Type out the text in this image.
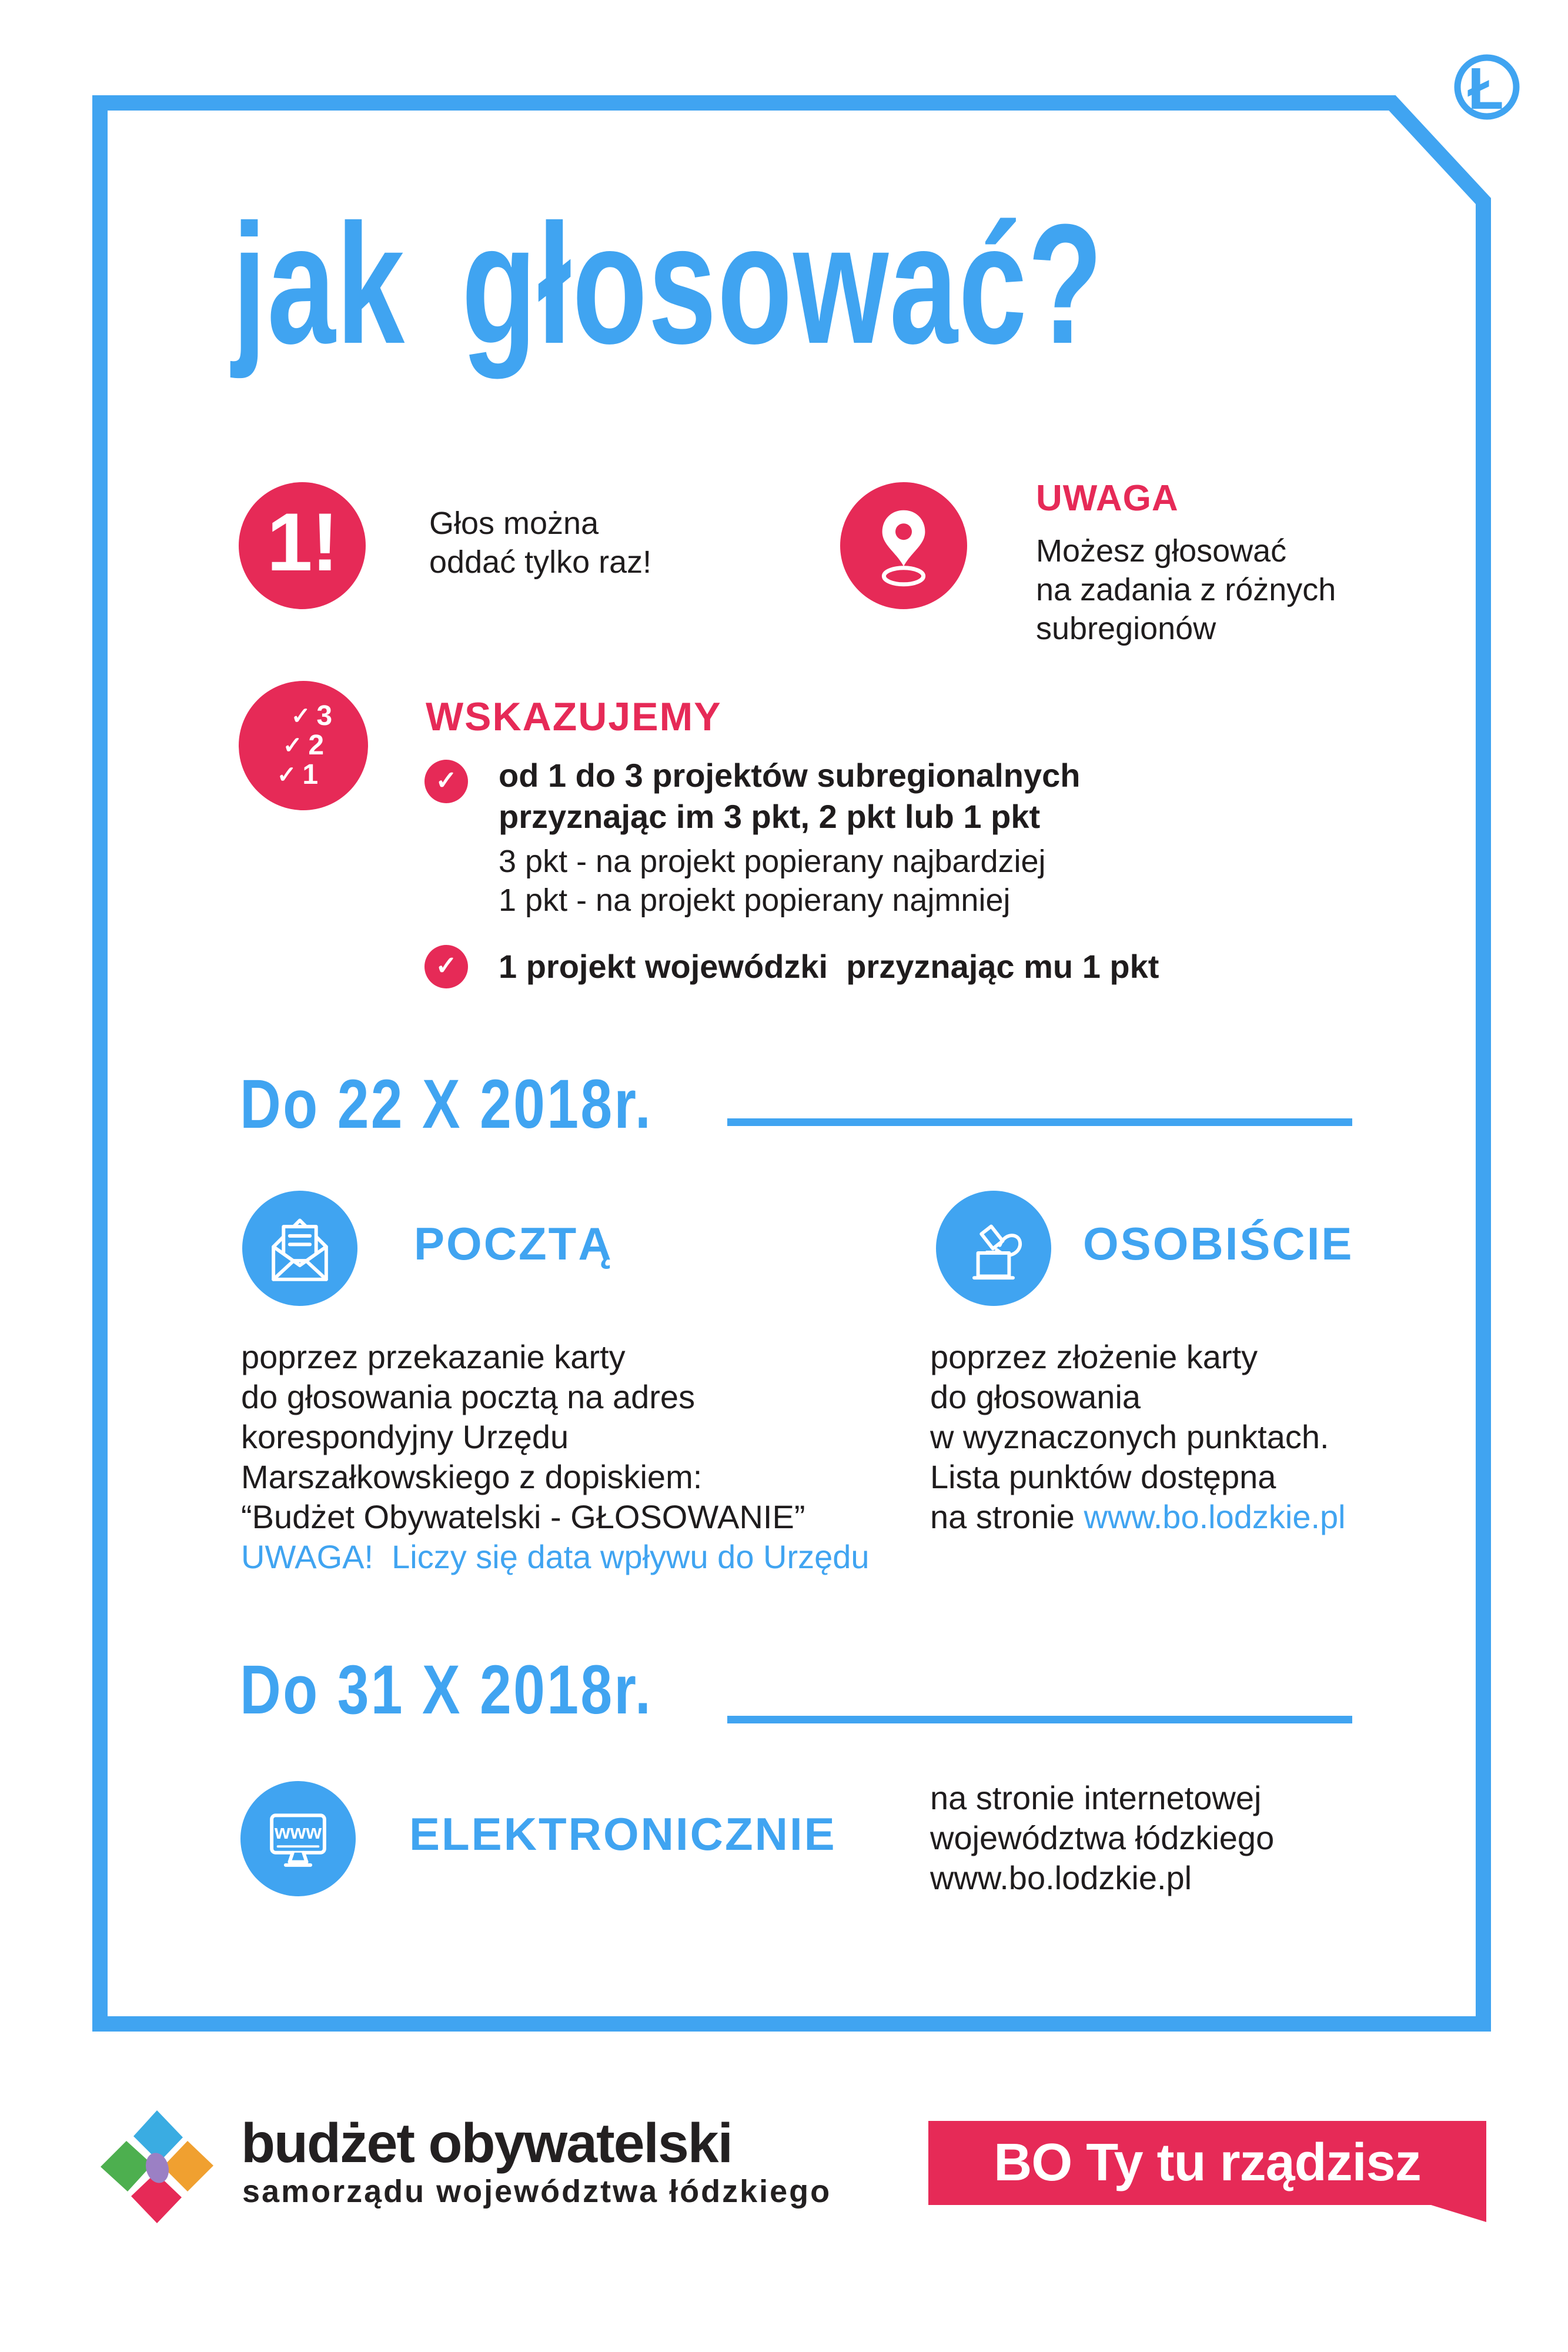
Ł
jak głosować?
1!	Głos można
oddać tylko raz!
UWAGA
Możesz głosować
na zadania z różnych
subregionów
✓ 3
✓ 2
✓ 1
WSKAZUJEMY
✓ od 1 do 3 projektów subregionalnych
przyznając im 3 pkt, 2 pkt lub 1 pkt
3 pkt - na projekt popierany najbardziej
1 pkt - na projekt popierany najmniej
✓ 1 projekt wojewódzki  przyznając mu 1 pkt
Do 22 X 2018r.
POCZTĄ
poprzez przekazanie karty
do głosowania pocztą na adres
korespondyjny Urzędu
Marszałkowskiego z dopiskiem:
“Budżet Obywatelski - GŁOSOWANIE”
UWAGA!  Liczy się data wpływu do Urzędu
OSOBIŚCIE
poprzez złożenie karty
do głosowania
w wyznaczonych punktach.
Lista punktów dostępna
na stronie www.bo.lodzkie.pl
Do 31 X 2018r.
www ELEKTRONICZNIE
na stronie internetowej
województwa łódzkiego
www.bo.lodzkie.pl
budżet obywatelski
samorządu województwa łódzkiego	BO Ty tu rządzisz
